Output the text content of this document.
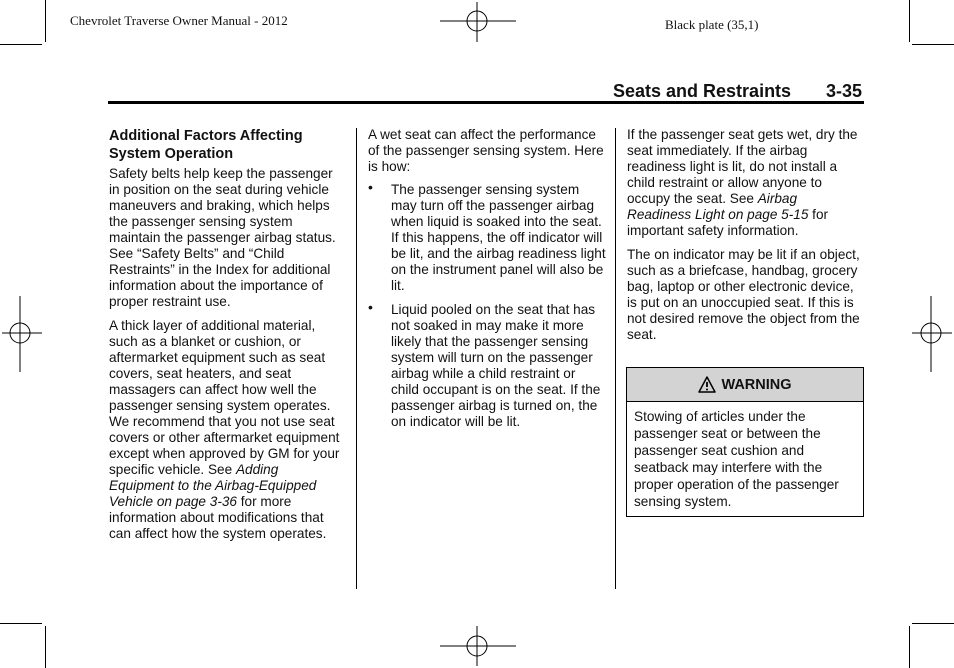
Chevrolet Traverse Owner Manual - 2012	Black plate (35,1)
Seats and Restraints 3-35
Additional Factors Affecting System Operation

Safety belts help keep the passenger in position on the seat during vehicle maneuvers and braking, which helps the passenger sensing system maintain the passenger airbag status. See “Safety Belts” and “Child Restraints” in the Index for additional information about the importance of proper restraint use.

A thick layer of additional material, such as a blanket or cushion, or aftermarket equipment such as seat covers, seat heaters, and seat massagers can affect how well the passenger sensing system operates. We recommend that you not use seat covers or other aftermarket equipment except when approved by GM for your specific vehicle. See Adding Equipment to the Airbag-Equipped Vehicle on page 3-36 for more information about modifications that can affect how the system operates.

A wet seat can affect the performance of the passenger sensing system. Here is how:

• The passenger sensing system may turn off the passenger airbag when liquid is soaked into the seat. If this happens, the off indicator will be lit, and the airbag readiness light on the instrument panel will also be lit.
• Liquid pooled on the seat that has not soaked in may make it more likely that the passenger sensing system will turn on the passenger airbag while a child restraint or child occupant is on the seat. If the passenger airbag is turned on, the on indicator will be lit.

If the passenger seat gets wet, dry the seat immediately. If the airbag readiness light is lit, do not install a child restraint or allow anyone to occupy the seat. See Airbag Readiness Light on page 5-15 for important safety information.

The on indicator may be lit if an object, such as a briefcase, handbag, grocery bag, laptop or other electronic device, is put on an unoccupied seat. If this is not desired remove the object from the seat.

WARNING
Stowing of articles under the passenger seat or between the passenger seat cushion and seatback may interfere with the proper operation of the passenger sensing system.
